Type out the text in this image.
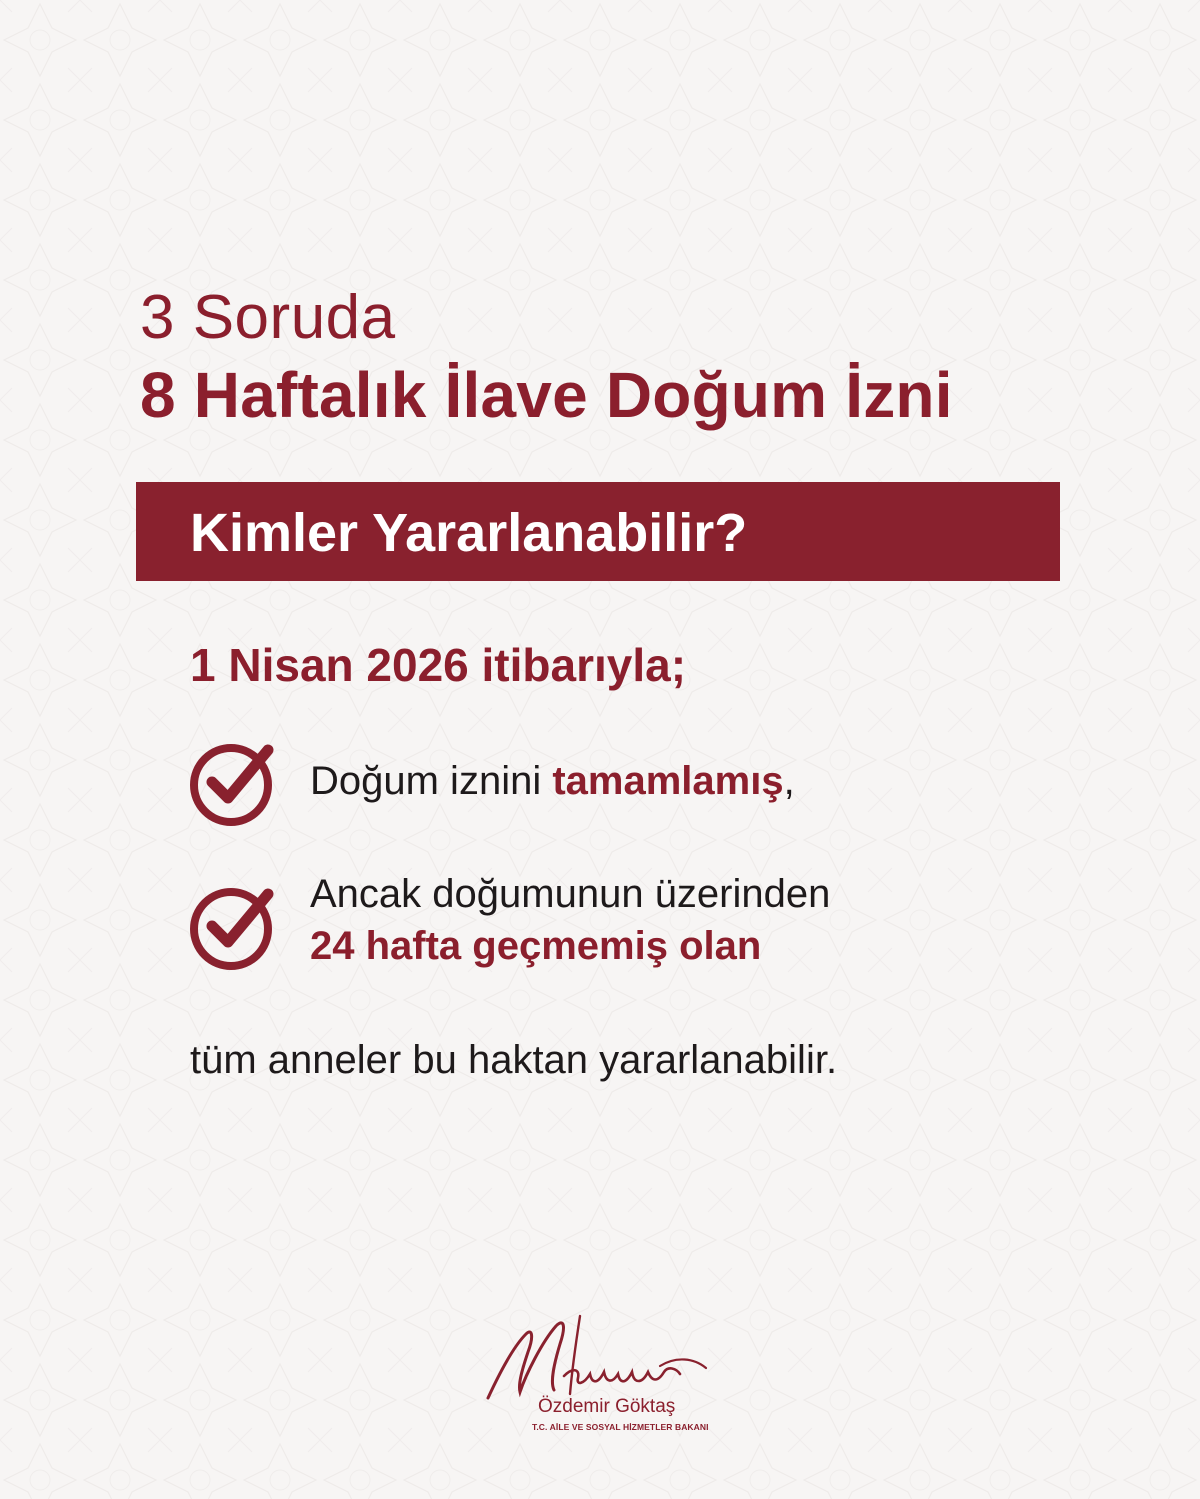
3 Soruda
8 Haftalık İlave Doğum İzni
Kimler Yararlanabilir?
1 Nisan 2026 itibarıyla;
Doğum iznini tamamlamış,
Ancak doğumunun üzerinden
24 hafta geçmemiş olan
tüm anneler bu haktan yararlanabilir.
Özdemir Göktaş
T.C. AİLE VE SOSYAL HİZMETLER BAKANI
